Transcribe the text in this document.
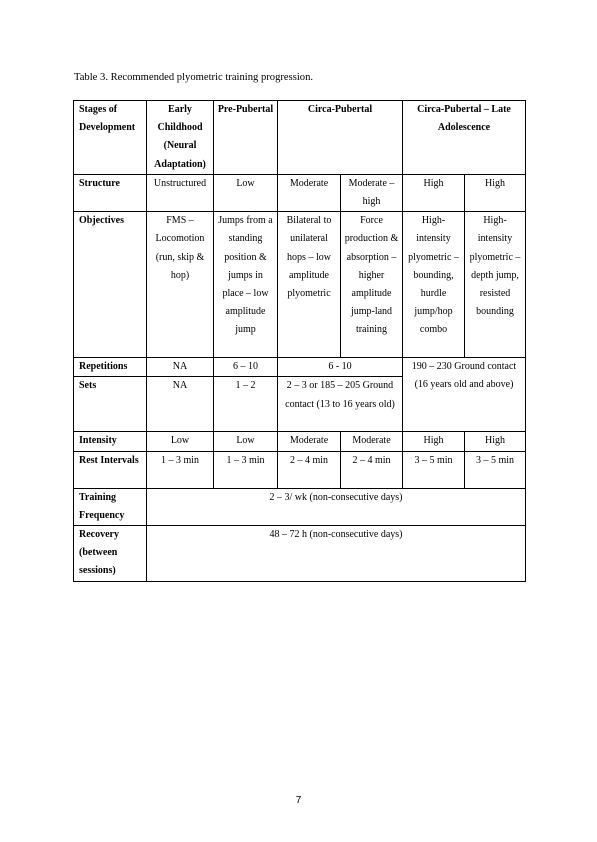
Table 3. Recommended plyometric training progression.
Stages of Development	Early Childhood (Neural Adaptation)	Pre-Pubertal	Circa-Pubertal		Circa-Pubertal – Late Adolescence	
Structure	Unstructured	Low	Moderate	Moderate – high	High	High
Objectives	FMS – Locomotion (run, skip & hop)	Jumps from a standing position & jumps in place – low amplitude jump	Bilateral to unilateral hops – low amplitude plyometric	Force production & absorption – higher amplitude jump-land training	High-intensity plyometric – bounding, hurdle jump/hop combo	High-intensity plyometric – depth jump, resisted bounding
Repetitions	NA	6 – 10	6 - 10		190 – 230 Ground contact (16 years old and above)	
Sets	NA	1 – 2	2 – 3 or 185 – 205 Ground contact (13 to 16 years old)			
Intensity	Low	Low	Moderate	Moderate	High	High
Rest Intervals	1 – 3 min	1 – 3 min	2 – 4 min	2 – 4 min	3 – 5 min	3 – 5 min
Training Frequency	2 – 3/ wk (non-consecutive days)					
Recovery (between sessions)	48 – 72 h (non-consecutive days)					
7
